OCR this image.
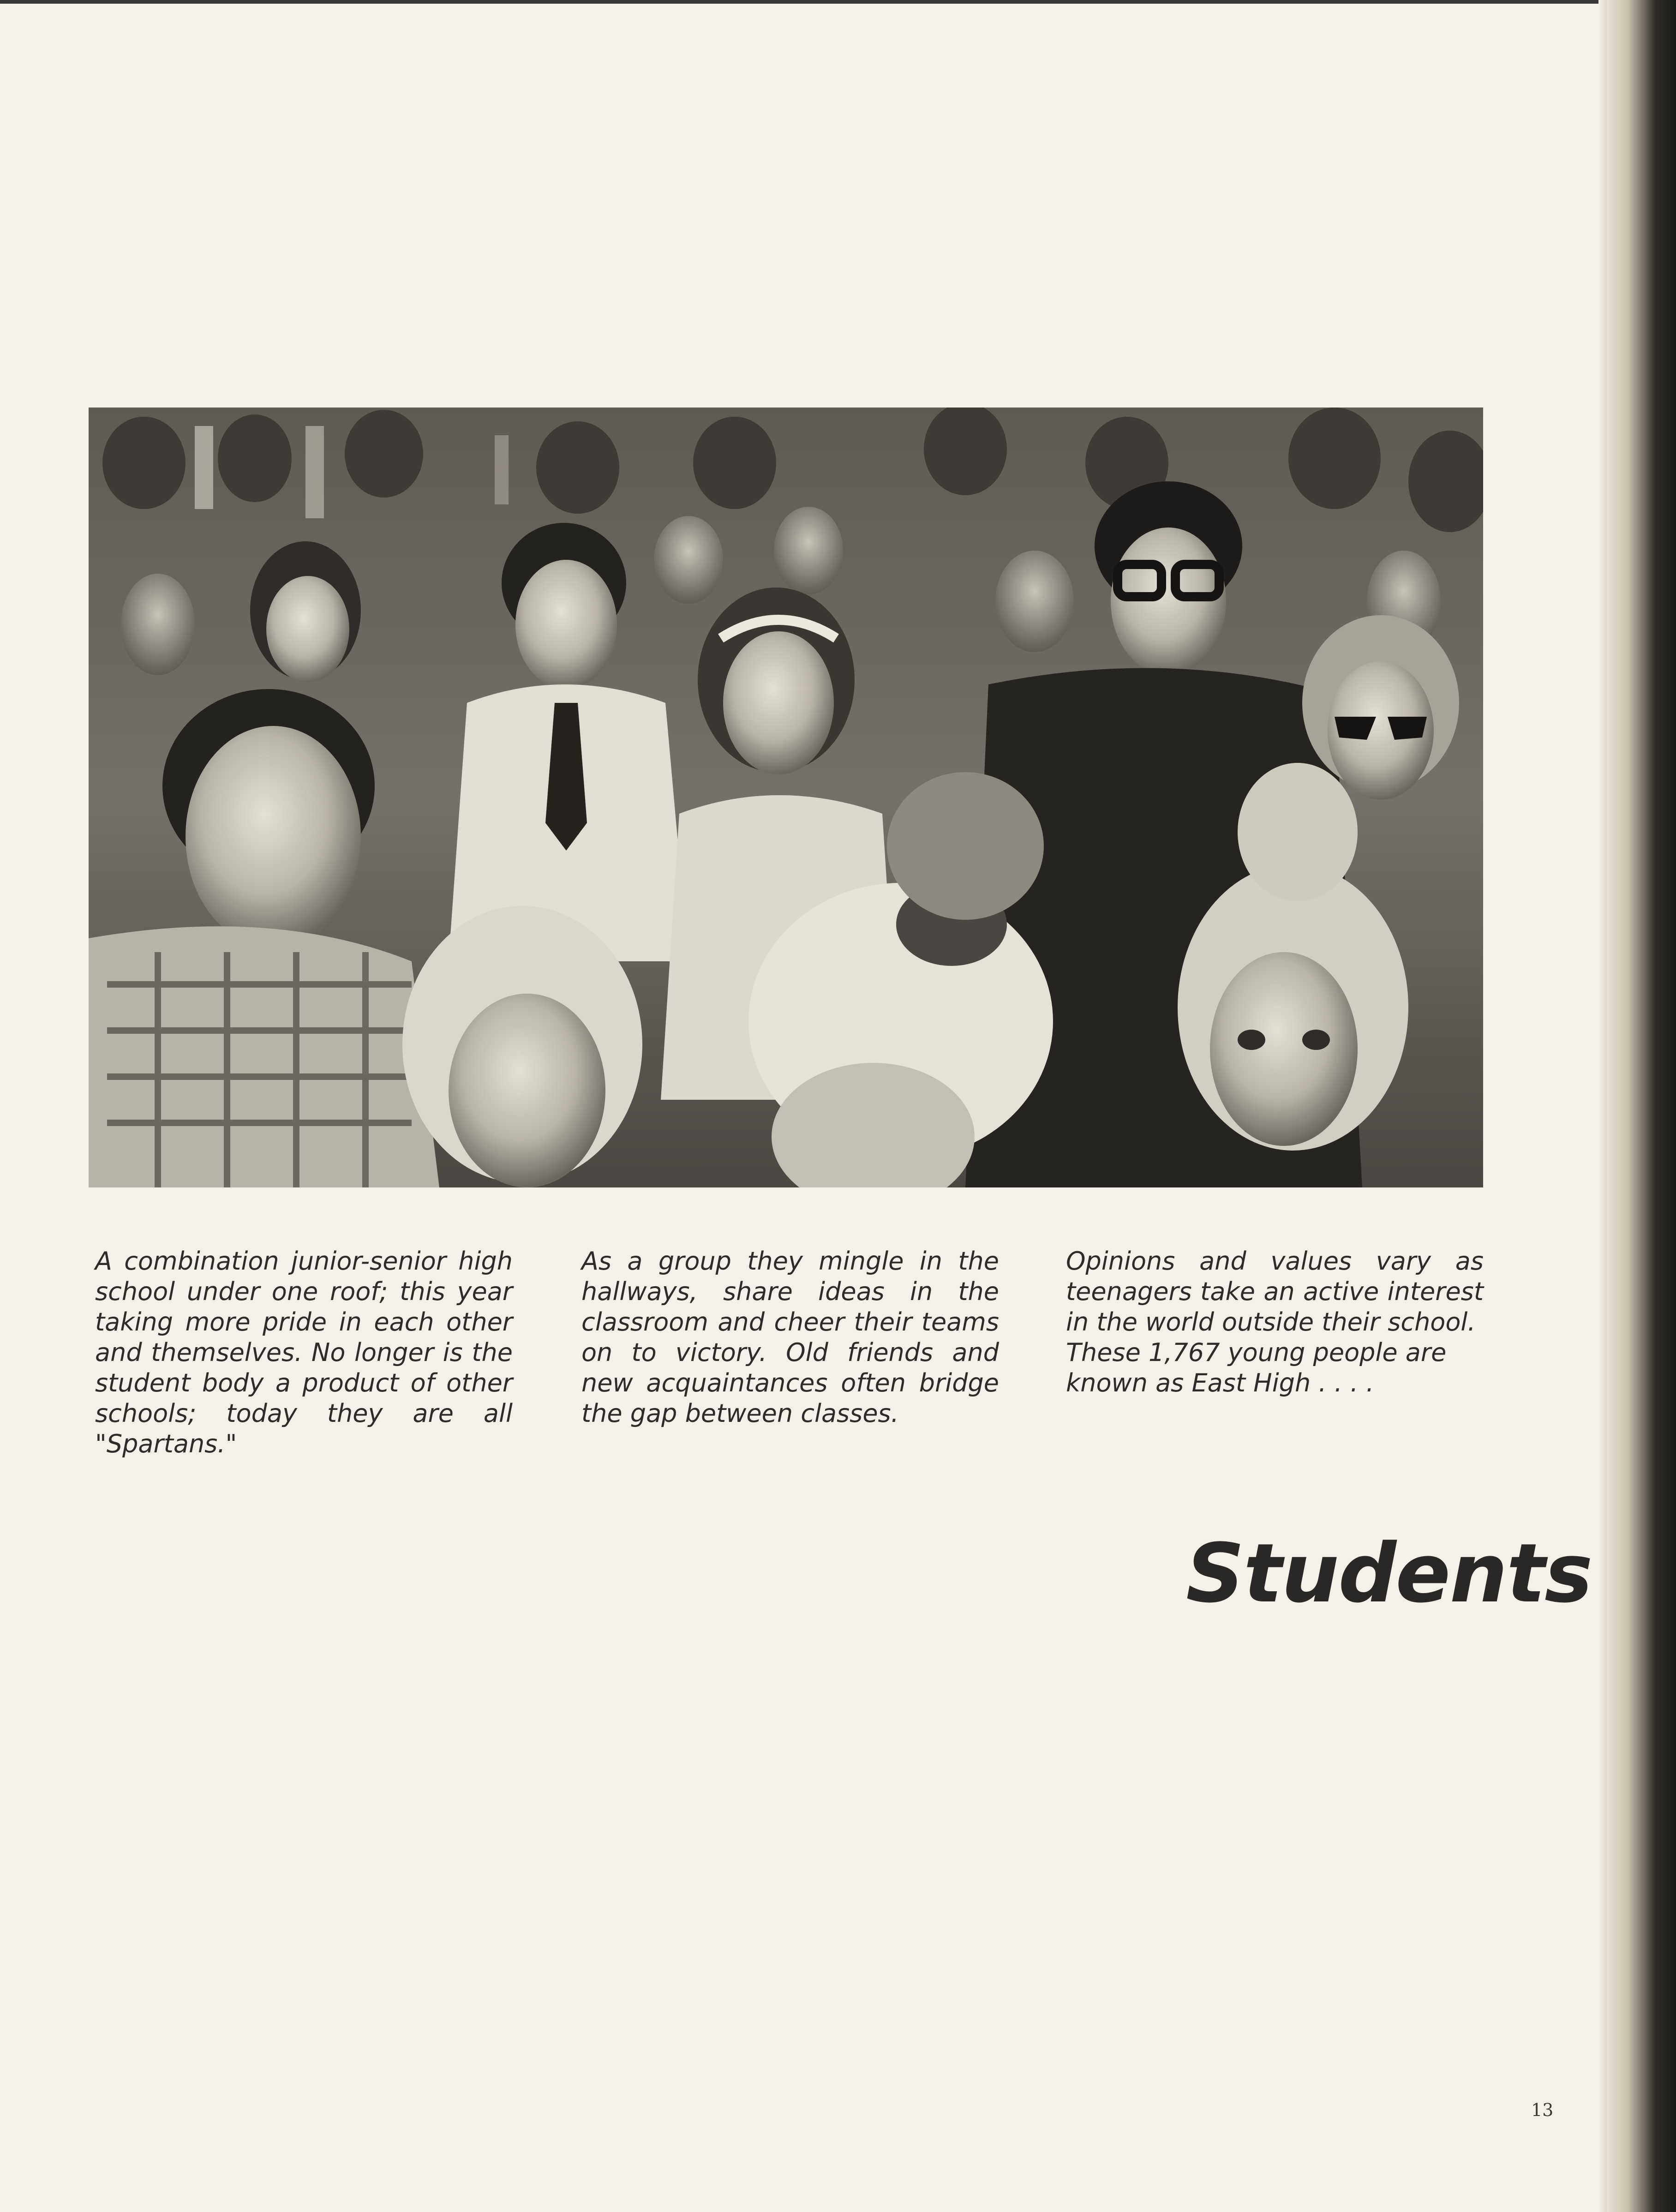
A combination junior-senior high school under one roof; this year taking more pride in each other and themselves. No longer is the student body a product of other schools; today they are all "Spartans."

As a group they mingle in the hallways, share ideas in the classroom and cheer their teams on to victory. Old friends and new acquaintances often bridge the gap between classes.

Opinions and values vary as teenagers take an active interest in the world outside their school.
These 1,767 young people are known as East High . . . .

Students
13
